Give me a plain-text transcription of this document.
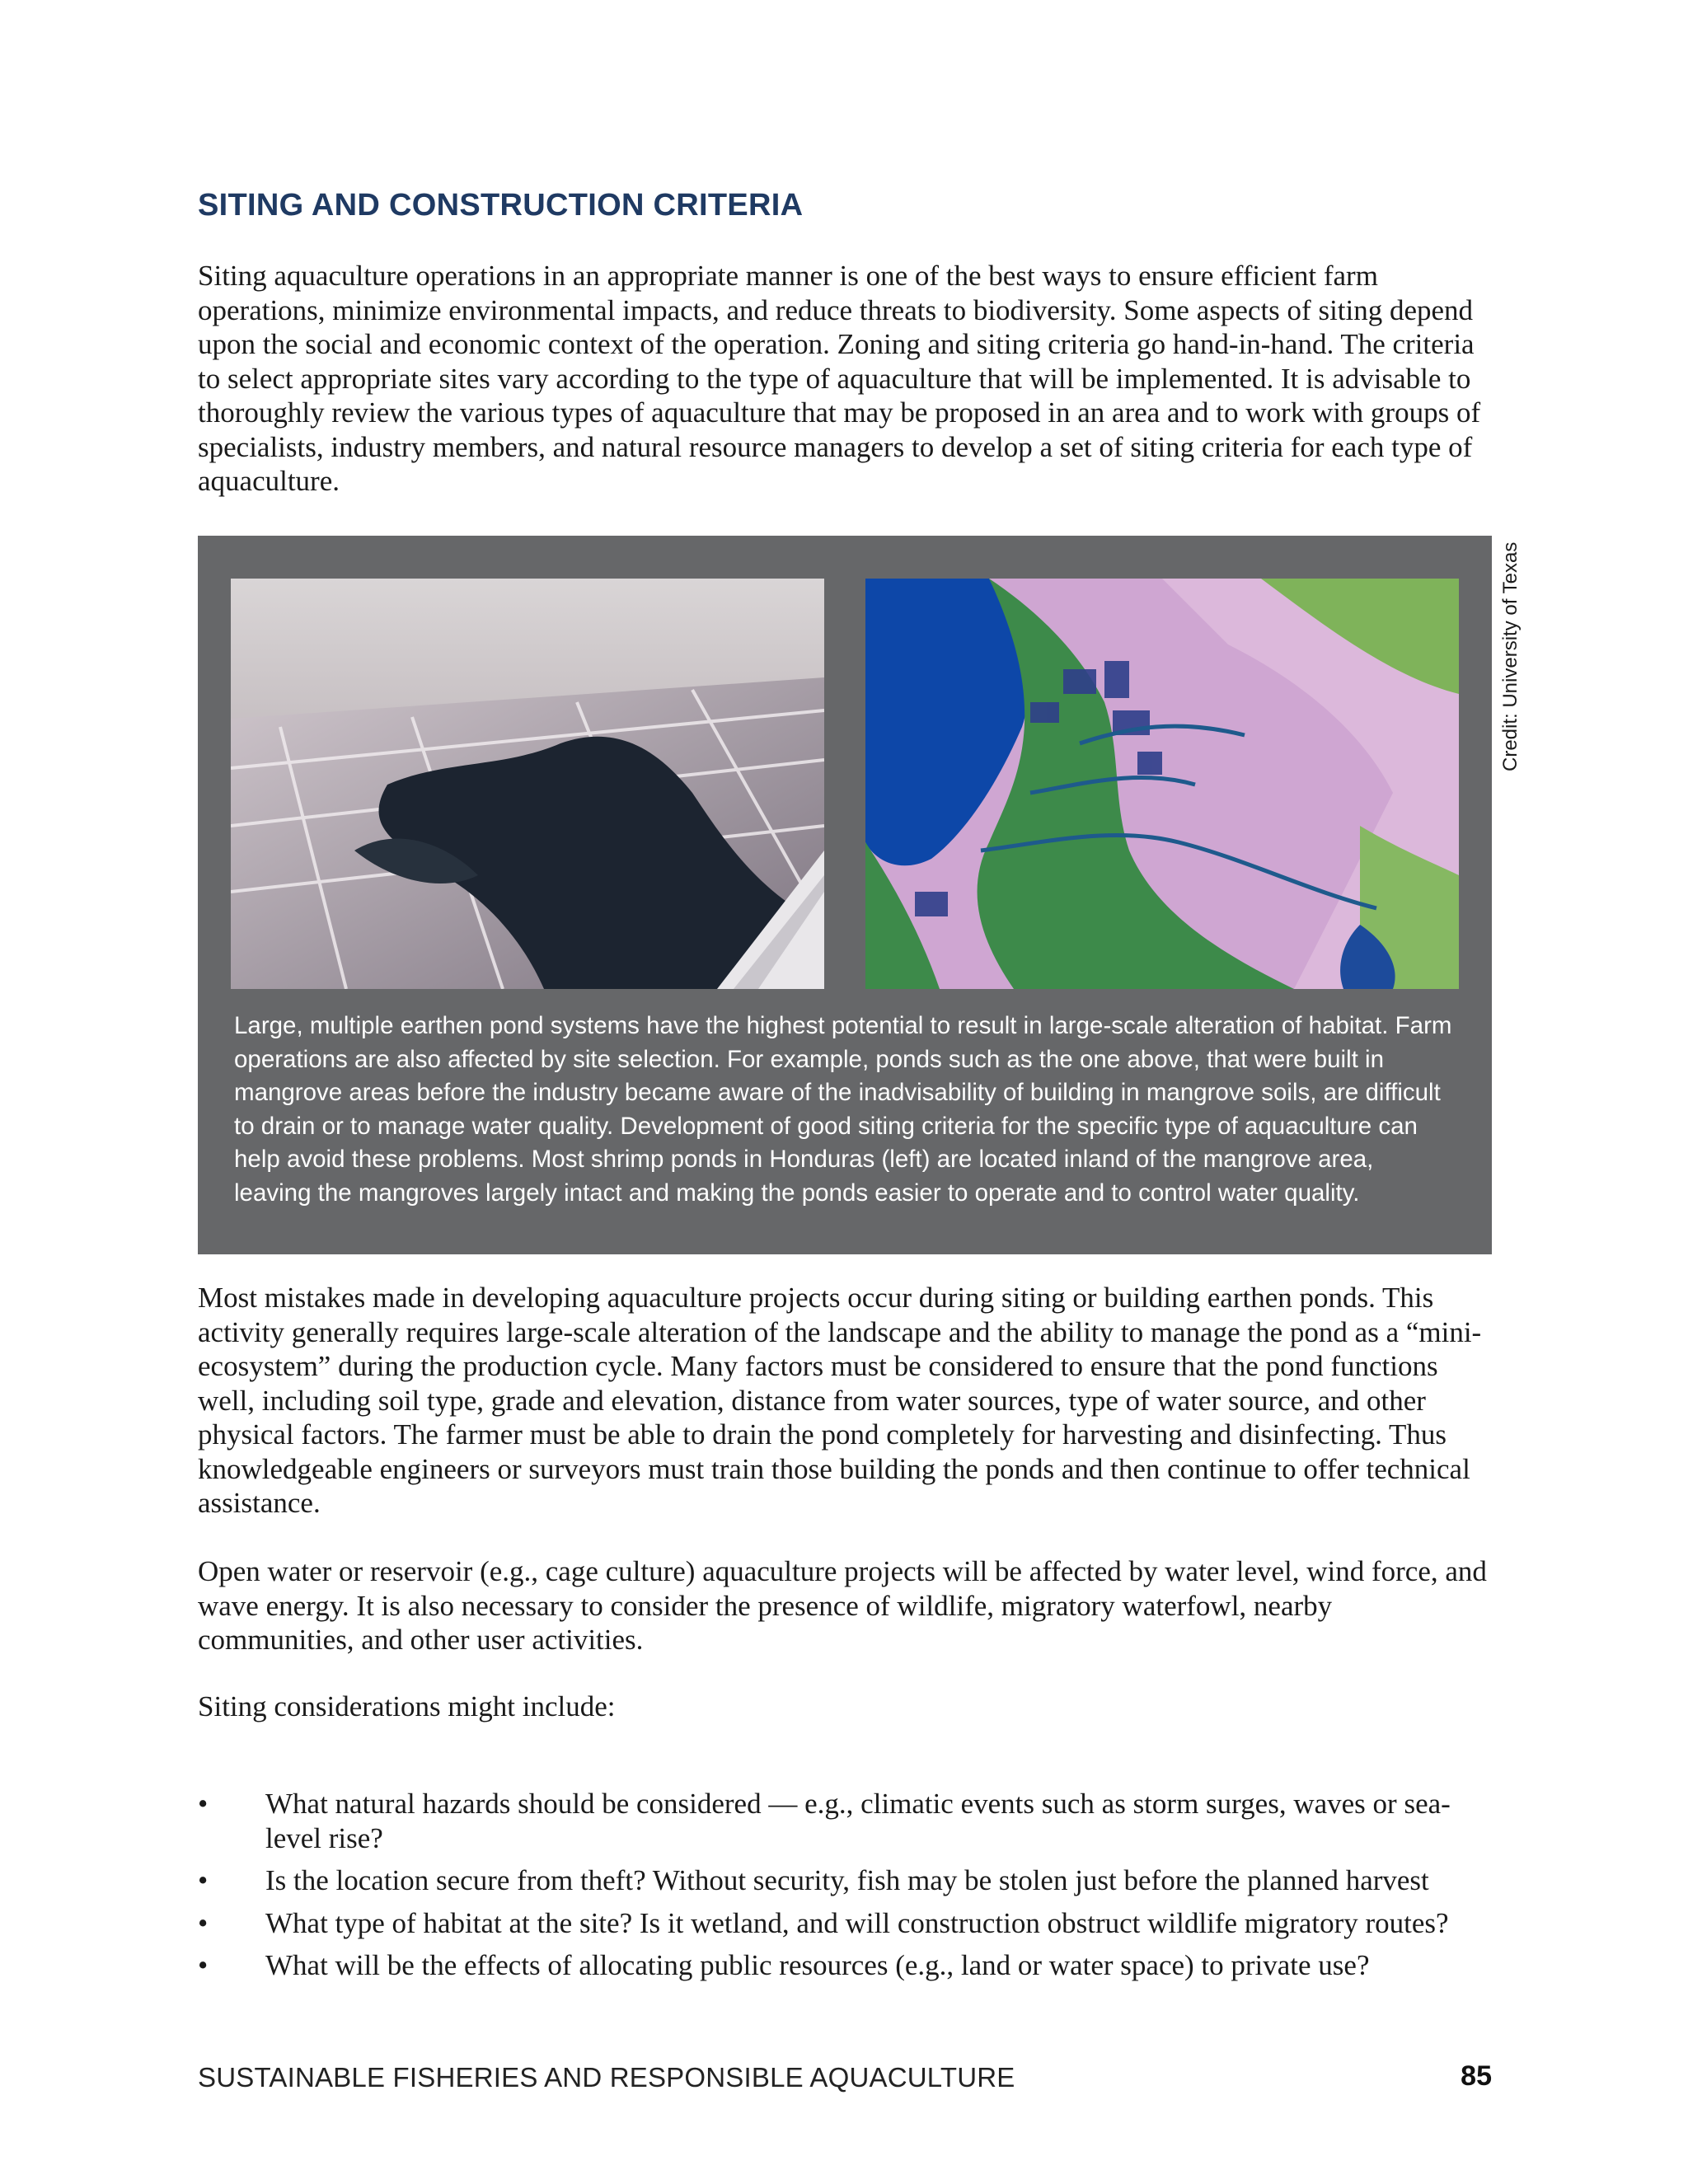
SITING AND CONSTRUCTION CRITERIA

Siting aquaculture operations in an appropriate manner is one of the best ways to ensure efficient farm operations, minimize environmental impacts, and reduce threats to biodiversity. Some aspects of siting depend upon the social and economic context of the operation. Zoning and siting criteria go hand-in-hand. The criteria to select appropriate sites vary according to the type of aquaculture that will be implemented. It is advisable to thoroughly review the various types of aquaculture that may be proposed in an area and to work with groups of specialists, industry members, and natural resource managers to develop a set of siting criteria for each type of aquaculture.

Large, multiple earthen pond systems have the highest potential to result in large-scale alteration of habitat. Farm operations are also affected by site selection. For example, ponds such as the one above, that were built in mangrove areas before the industry became aware of the inadvisability of building in mangrove soils, are difficult to drain or to manage water quality. Development of good siting criteria for the specific type of aquaculture can help avoid these problems. Most shrimp ponds in Honduras (left) are located inland of the mangrove area, leaving the mangroves largely intact and making the ponds easier to operate and to control water quality.

Credit: University of Texas

Most mistakes made in developing aquaculture projects occur during siting or building earthen ponds. This activity generally requires large-scale alteration of the landscape and the ability to manage the pond as a “mini-ecosystem” during the production cycle. Many factors must be considered to ensure that the pond functions well, including soil type, grade and elevation, distance from water sources, type of water source, and other physical factors. The farmer must be able to drain the pond completely for harvesting and disinfecting. Thus knowledgeable engineers or surveyors must train those building the ponds and then continue to offer technical assistance.

Open water or reservoir (e.g., cage culture) aquaculture projects will be affected by water level, wind force, and wave energy. It is also necessary to consider the presence of wildlife, migratory waterfowl, nearby communities, and other user activities.

Siting considerations might include:

• What natural hazards should be considered — e.g., climatic events such as storm surges, waves or sea-level rise?
• Is the location secure from theft? Without security, fish may be stolen just before the planned harvest
• What type of habitat at the site? Is it wetland, and will construction obstruct wildlife migratory routes?
• What will be the effects of allocating public resources (e.g., land or water space) to private use?
SUSTAINABLE FISHERIES AND RESPONSIBLE AQUACULTURE	85
